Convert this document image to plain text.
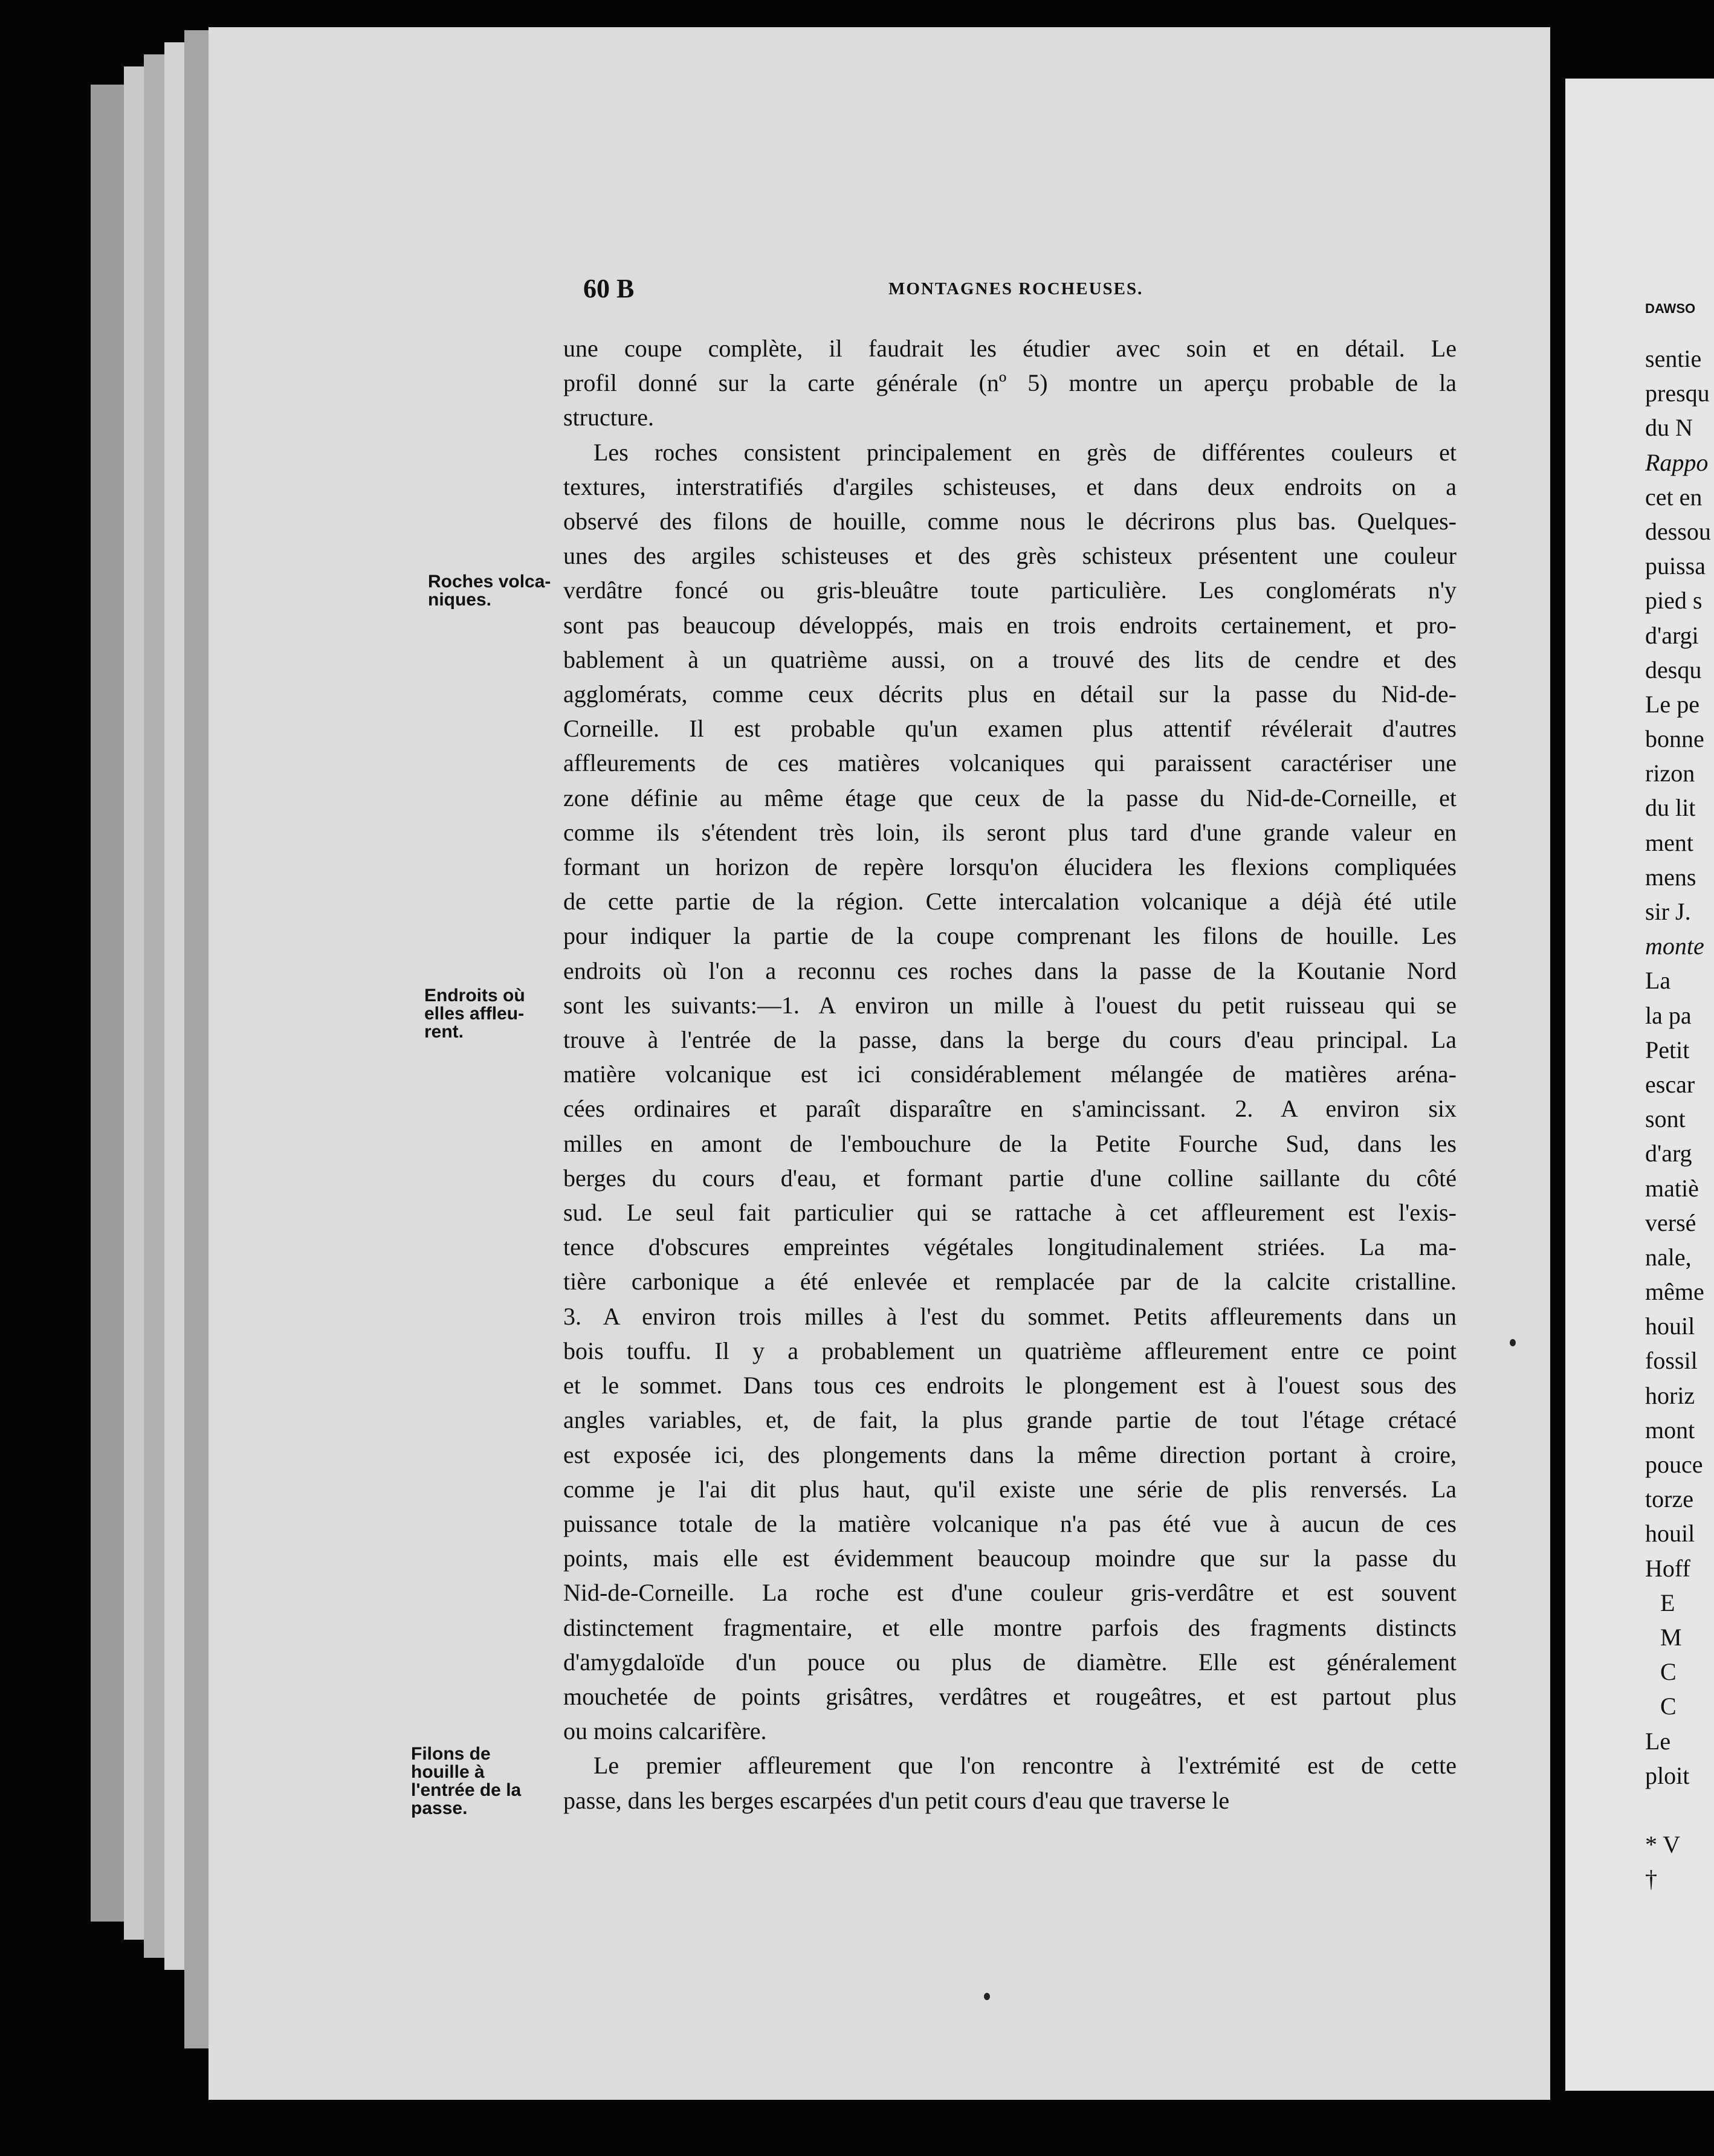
60 B	MONTAGNES ROCHEUSES.
Roches volca-
niques.
Endroits où
elles affleu-
rent.
Filons de
houille à
l'entrée de la
passe.
une coupe complète, il faudrait les étudier avec soin et en détail. Le
profil donné sur la carte générale (nº 5) montre un aperçu probable de la
structure.
Les roches consistent principalement en grès de différentes couleurs et
textures, interstratifiés d'argiles schisteuses, et dans deux endroits on a
observé des filons de houille, comme nous le décrirons plus bas. Quelques-
unes des argiles schisteuses et des grès schisteux présentent une couleur
verdâtre foncé ou gris-bleuâtre toute particulière. Les conglomérats n'y
sont pas beaucoup développés, mais en trois endroits certainement, et pro-
bablement à un quatrième aussi, on a trouvé des lits de cendre et des
agglomérats, comme ceux décrits plus en détail sur la passe du Nid-de-
Corneille. Il est probable qu'un examen plus attentif révélerait d'autres
affleurements de ces matières volcaniques qui paraissent caractériser une
zone définie au même étage que ceux de la passe du Nid-de-Corneille, et
comme ils s'étendent très loin, ils seront plus tard d'une grande valeur en
formant un horizon de repère lorsqu'on élucidera les flexions compliquées
de cette partie de la région. Cette intercalation volcanique a déjà été utile
pour indiquer la partie de la coupe comprenant les filons de houille. Les
endroits où l'on a reconnu ces roches dans la passe de la Koutanie Nord
sont les suivants:—1. A environ un mille à l'ouest du petit ruisseau qui se
trouve à l'entrée de la passe, dans la berge du cours d'eau principal. La
matière volcanique est ici considérablement mélangée de matières aréna-
cées ordinaires et paraît disparaître en s'amincissant. 2. A environ six
milles en amont de l'embouchure de la Petite Fourche Sud, dans les
berges du cours d'eau, et formant partie d'une colline saillante du côté
sud. Le seul fait particulier qui se rattache à cet affleurement est l'exis-
tence d'obscures empreintes végétales longitudinalement striées. La ma-
tière carbonique a été enlevée et remplacée par de la calcite cristalline.
3. A environ trois milles à l'est du sommet. Petits affleurements dans un
bois touffu. Il y a probablement un quatrième affleurement entre ce point
et le sommet. Dans tous ces endroits le plongement est à l'ouest sous des
angles variables, et, de fait, la plus grande partie de tout l'étage crétacé
est exposée ici, des plongements dans la même direction portant à croire,
comme je l'ai dit plus haut, qu'il existe une série de plis renversés. La
puissance totale de la matière volcanique n'a pas été vue à aucun de ces
points, mais elle est évidemment beaucoup moindre que sur la passe du
Nid-de-Corneille. La roche est d'une couleur gris-verdâtre et est souvent
distinctement fragmentaire, et elle montre parfois des fragments distincts
d'amygdaloïde d'un pouce ou plus de diamètre. Elle est généralement
mouchetée de points grisâtres, verdâtres et rougeâtres, et est partout plus
ou moins calcarifère.
Le premier affleurement que l'on rencontre à l'extrémité est de cette
passe, dans les berges escarpées d'un petit cours d'eau que traverse le
DAWSO
sentie
presqu
du N
Rappo
cet en
dessou
puissa
pied s
d'argi
desqu
Le pe
bonne
rizon
du lit
ment
mens
sir J.
monte
La
la pa
Petit
escar
sont
d'arg
matiè
versé
nale,
même
houil
fossil
horiz
mont
pouce
torze
houil
Hoff
E
M
C
C
Le
ploit
* V
†
